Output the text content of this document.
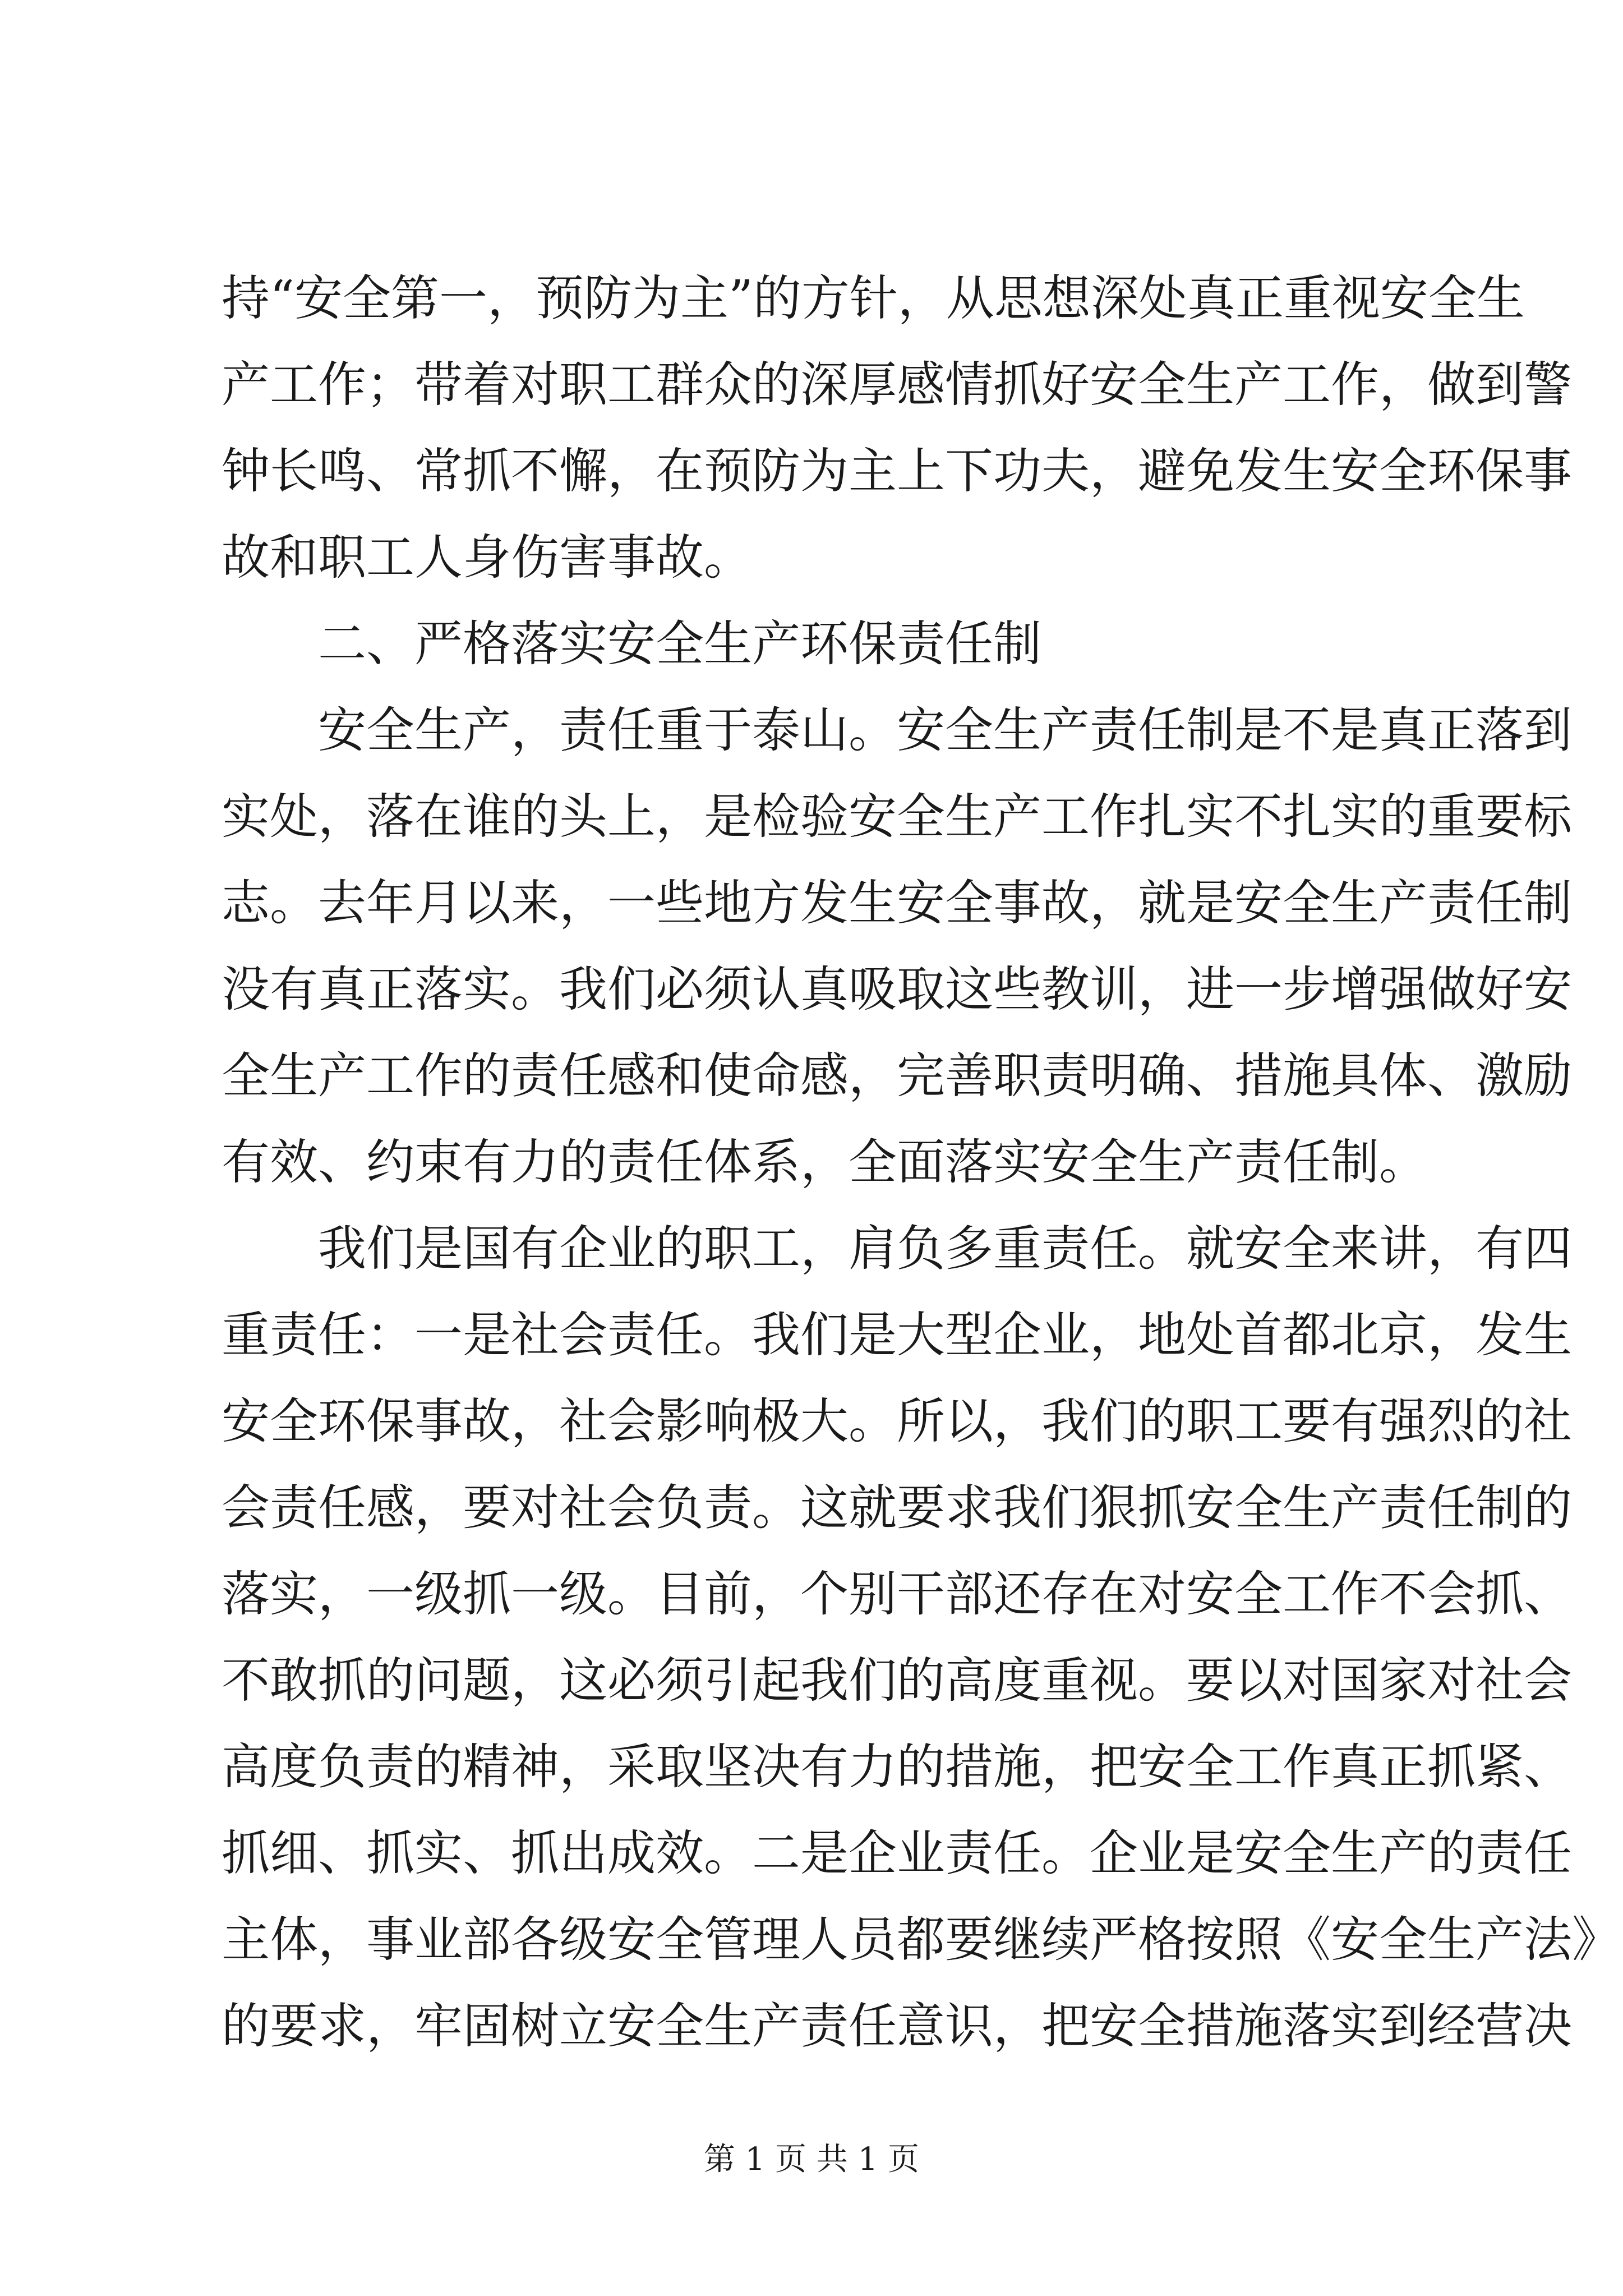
持“安全第一，预防为主”的方针，从思想深处真正重视安全生
产工作；带着对职工群众的深厚感情抓好安全生产工作，做到警
钟长鸣、常抓不懈，在预防为主上下功夫，避免发生安全环保事
故和职工人身伤害事故。
二、严格落实安全生产环保责任制
安全生产，责任重于泰山。安全生产责任制是不是真正落到
实处，落在谁的头上，是检验安全生产工作扎实不扎实的重要标
志。去年月以来，一些地方发生安全事故，就是安全生产责任制
没有真正落实。我们必须认真吸取这些教训，进一步增强做好安
全生产工作的责任感和使命感，完善职责明确、措施具体、激励
有效、约束有力的责任体系，全面落实安全生产责任制。
我们是国有企业的职工，肩负多重责任。就安全来讲，有四
重责任：一是社会责任。我们是大型企业，地处首都北京，发生
安全环保事故，社会影响极大。所以，我们的职工要有强烈的社
会责任感，要对社会负责。这就要求我们狠抓安全生产责任制的
落实，一级抓一级。目前，个别干部还存在对安全工作不会抓、
不敢抓的问题，这必须引起我们的高度重视。要以对国家对社会
高度负责的精神，采取坚决有力的措施，把安全工作真正抓紧、
抓细、抓实、抓出成效。二是企业责任。企业是安全生产的责任
主体，事业部各级安全管理人员都要继续严格按照《安全生产法》
的要求，牢固树立安全生产责任意识，把安全措施落实到经营决
第 1 页 共 1 页
